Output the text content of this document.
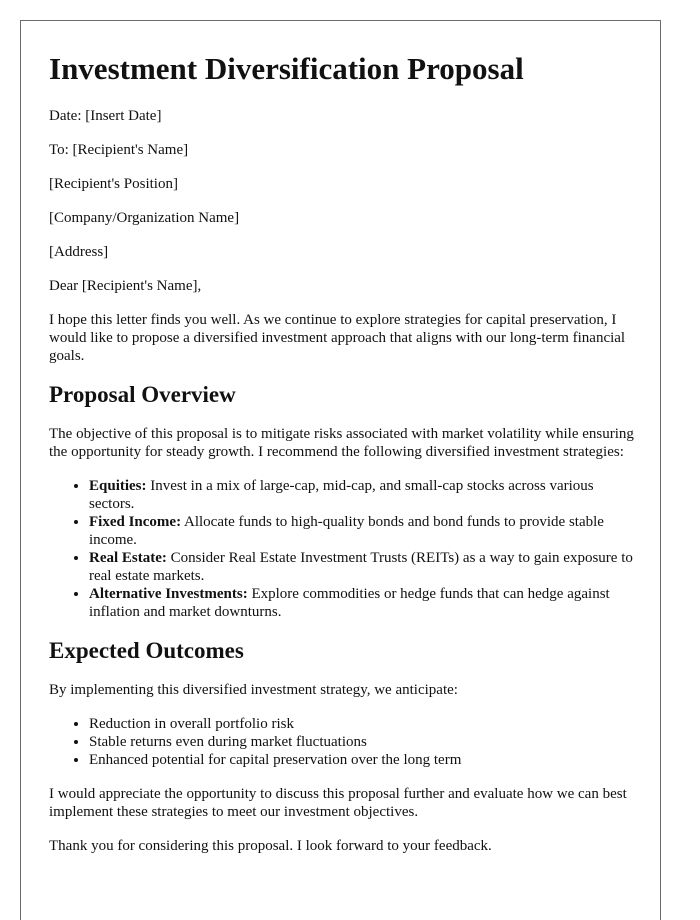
Investment Diversification Proposal

Date: [Insert Date]

To: [Recipient's Name]

[Recipient's Position]

[Company/Organization Name]

[Address]

Dear [Recipient's Name],

I hope this letter finds you well. As we continue to explore strategies for capital preservation, I would like to propose a diversified investment approach that aligns with our long-term financial goals.

Proposal Overview

The objective of this proposal is to mitigate risks associated with market volatility while ensuring the opportunity for steady growth. I recommend the following diversified investment strategies:

• Equities: Invest in a mix of large-cap, mid-cap, and small-cap stocks across various sectors.
• Fixed Income: Allocate funds to high-quality bonds and bond funds to provide stable income.
• Real Estate: Consider Real Estate Investment Trusts (REITs) as a way to gain exposure to real estate markets.
• Alternative Investments: Explore commodities or hedge funds that can hedge against inflation and market downturns.
Expected Outcomes

By implementing this diversified investment strategy, we anticipate:

• Reduction in overall portfolio risk
• Stable returns even during market fluctuations
• Enhanced potential for capital preservation over the long term

I would appreciate the opportunity to discuss this proposal further and evaluate how we can best implement these strategies to meet our investment objectives.

Thank you for considering this proposal. I look forward to your feedback.
